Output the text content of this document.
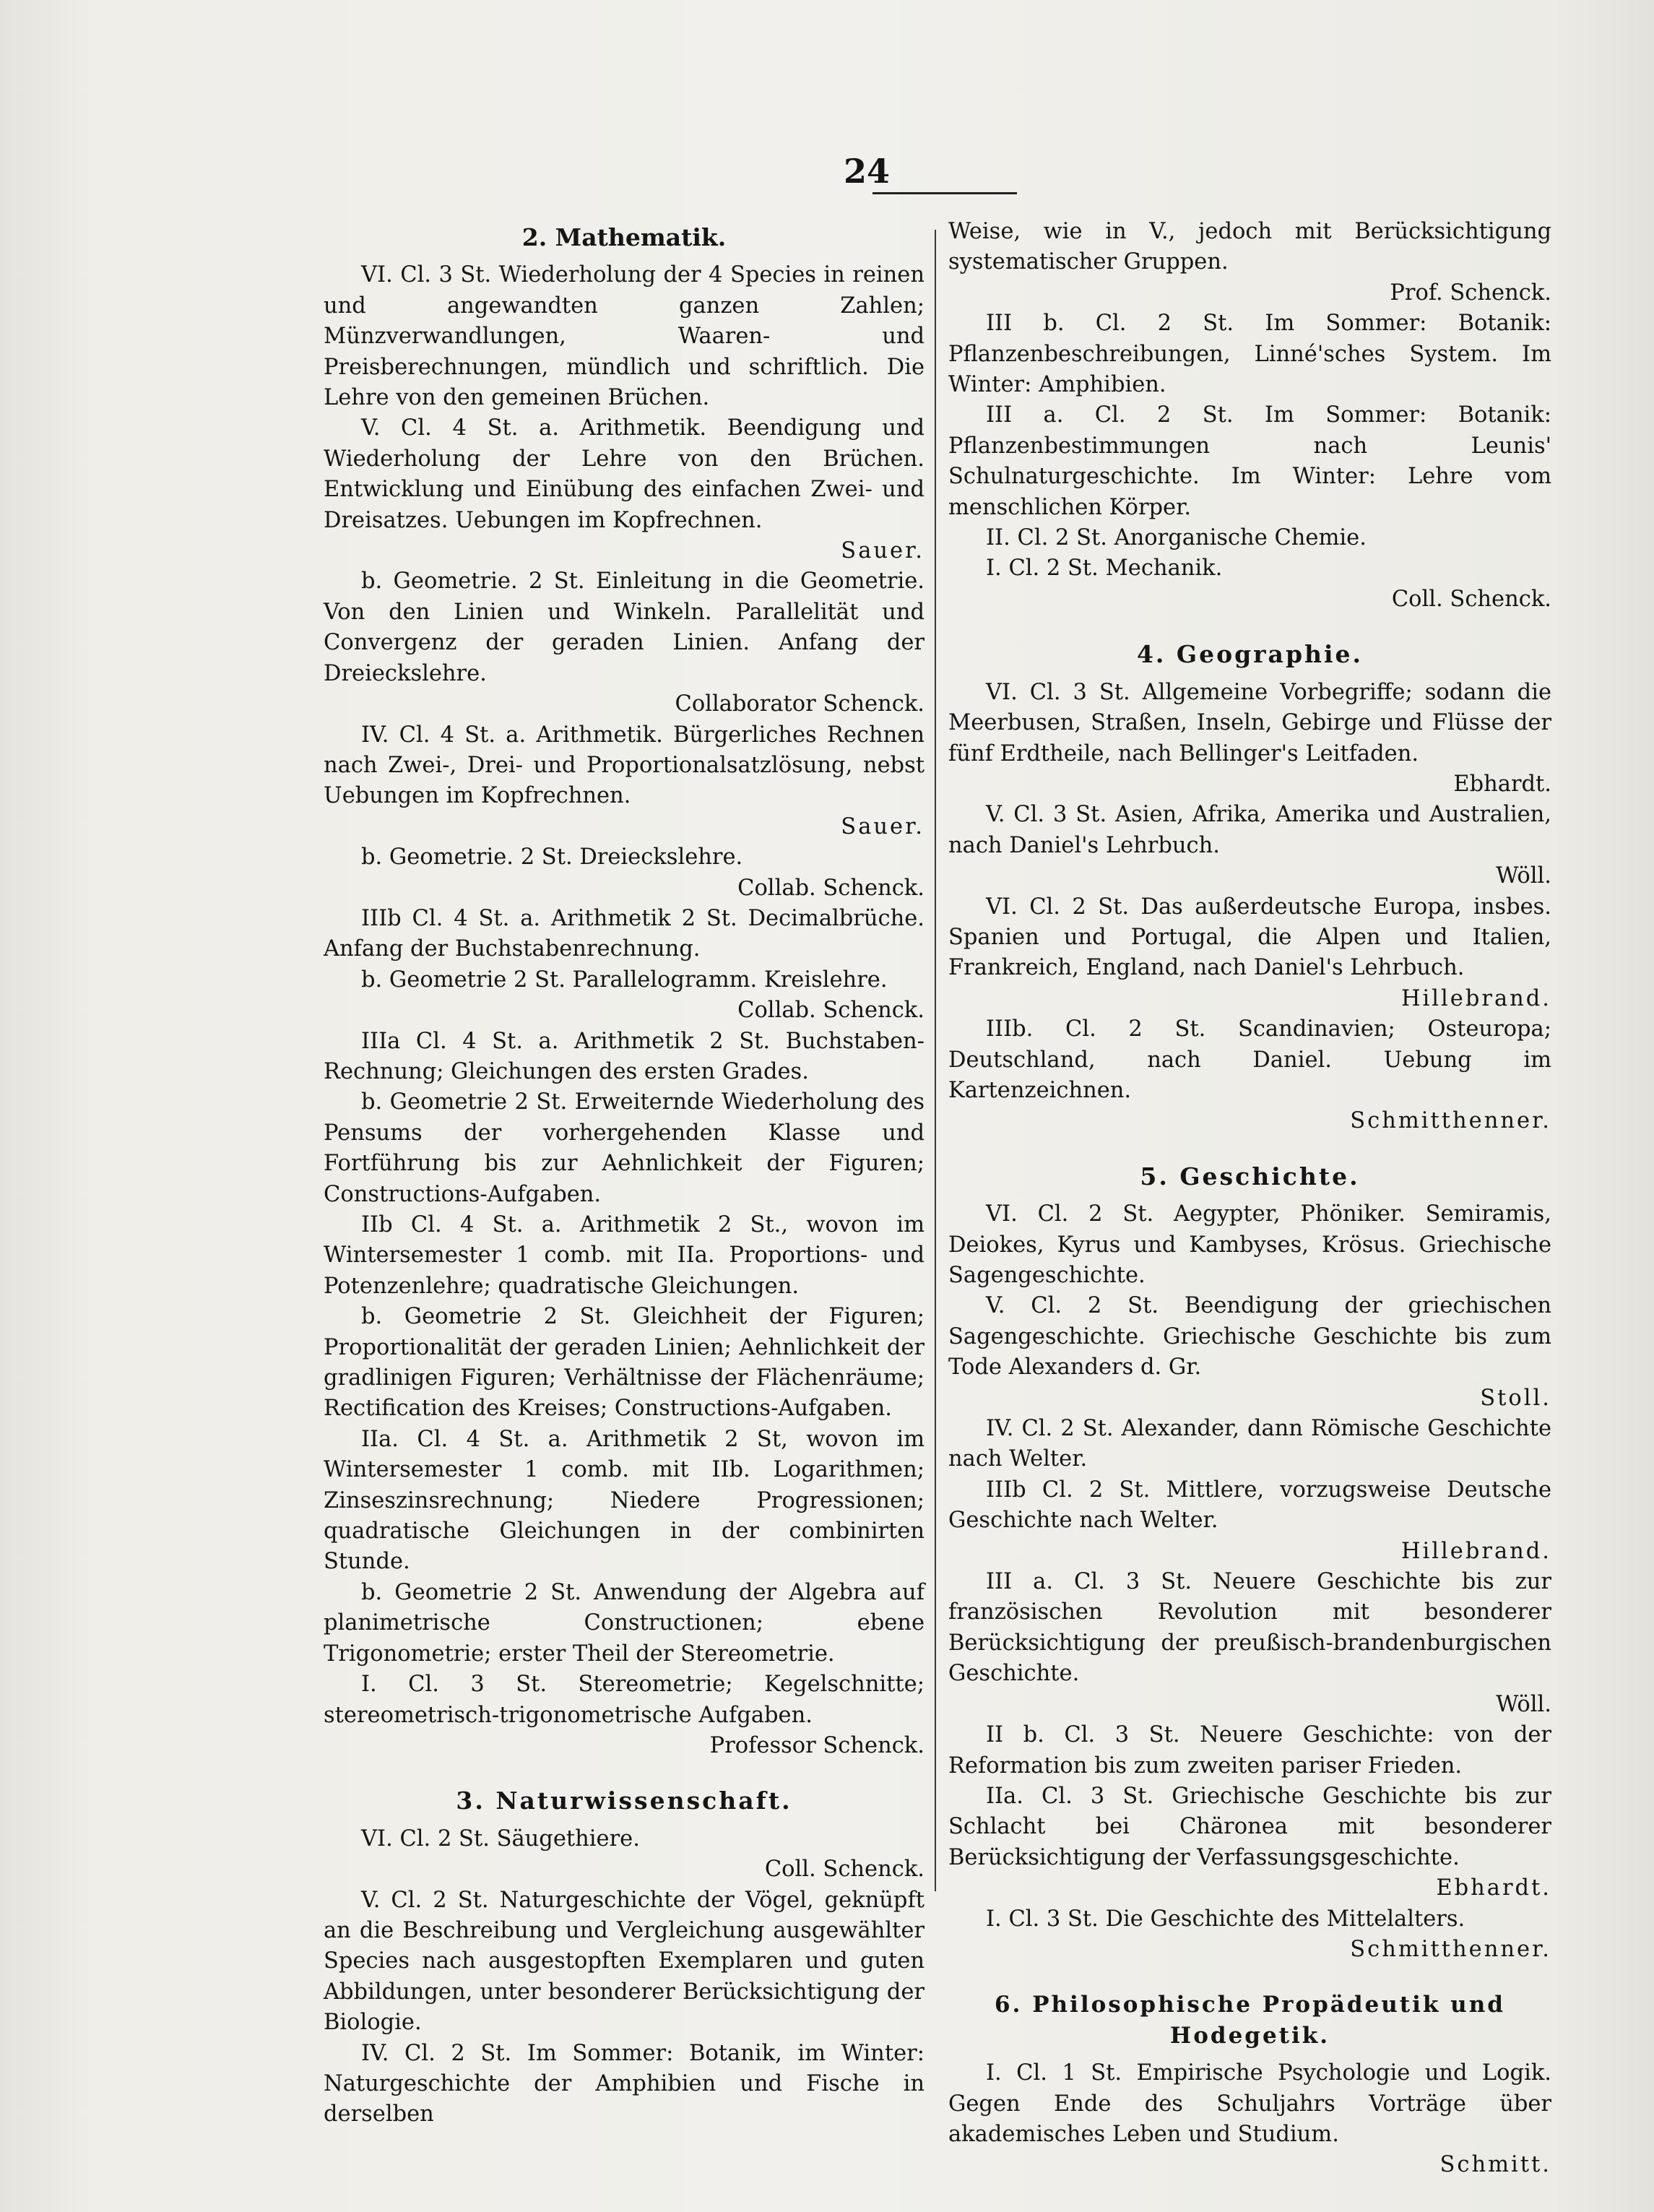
24
2. Mathematik.

VI. Cl. 3 St. Wiederholung der 4 Species in reinen und angewandten ganzen Zahlen; Münzverwandlungen, Waaren- und Preisberechnungen, mündlich und schriftlich. Die Lehre von den gemeinen Brüchen.

V. Cl. 4 St. a. Arithmetik. Beendigung und Wiederholung der Lehre von den Brüchen. Entwicklung und Einübung des einfachen Zwei- und Dreisatzes. Uebungen im Kopfrechnen.
Sauer.

b. Geometrie. 2 St. Einleitung in die Geometrie. Von den Linien und Winkeln. Parallelität und Convergenz der geraden Linien. Anfang der Dreieckslehre.
Collaborator Schenck.

IV. Cl. 4 St. a. Arithmetik. Bürgerliches Rechnen nach Zwei-, Drei- und Proportionalsatzlösung, nebst Uebungen im Kopfrechnen.
Sauer.

b. Geometrie. 2 St. Dreieckslehre.
Collab. Schenck.

IIIb Cl. 4 St. a. Arithmetik 2 St. Decimalbrüche. Anfang der Buchstabenrechnung.

b. Geometrie 2 St. Parallelogramm. Kreislehre.
Collab. Schenck.

IIIa Cl. 4 St. a. Arithmetik 2 St. Buchstaben-Rechnung; Gleichungen des ersten Grades.

b. Geometrie 2 St. Erweiternde Wiederholung des Pensums der vorhergehenden Klasse und Fortführung bis zur Aehnlichkeit der Figuren; Constructions-Aufgaben.

IIb Cl. 4 St. a. Arithmetik 2 St., wovon im Wintersemester 1 comb. mit IIa. Proportions- und Potenzenlehre; quadratische Gleichungen.

b. Geometrie 2 St. Gleichheit der Figuren; Proportionalität der geraden Linien; Aehnlichkeit der gradlinigen Figuren; Verhältnisse der Flächenräume; Rectification des Kreises; Constructions-Aufgaben.

IIa. Cl. 4 St. a. Arithmetik 2 St, wovon im Wintersemester 1 comb. mit IIb. Logarithmen; Zinseszinsrechnung; Niedere Progressionen; quadratische Gleichungen in der combinirten Stunde.

b. Geometrie 2 St. Anwendung der Algebra auf planimetrische Constructionen; ebene Trigonometrie; erster Theil der Stereometrie.

I. Cl. 3 St. Stereometrie; Kegelschnitte; stereometrisch-trigonometrische Aufgaben.
Professor Schenck.

3. Naturwissenschaft.

VI. Cl. 2 St. Säugethiere.
Coll. Schenck.

V. Cl. 2 St. Naturgeschichte der Vögel, geknüpft an die Beschreibung und Vergleichung ausgewählter Species nach ausgestopften Exemplaren und guten Abbildungen, unter besonderer Berücksichtigung der Biologie.

IV. Cl. 2 St. Im Sommer: Botanik, im Winter: Naturgeschichte der Amphibien und Fische in derselben

Weise, wie in V., jedoch mit Berücksichtigung systematischer Gruppen.
Prof. Schenck.

III b. Cl. 2 St. Im Sommer: Botanik: Pflanzenbeschreibungen, Linné'sches System. Im Winter: Amphibien.

III a. Cl. 2 St. Im Sommer: Botanik: Pflanzenbestimmungen nach Leunis' Schulnaturgeschichte. Im Winter: Lehre vom menschlichen Körper.

II. Cl. 2 St. Anorganische Chemie.

I. Cl. 2 St. Mechanik.
Coll. Schenck.

4. Geographie.

VI. Cl. 3 St. Allgemeine Vorbegriffe; sodann die Meerbusen, Straßen, Inseln, Gebirge und Flüsse der fünf Erdtheile, nach Bellinger's Leitfaden.
Ebhardt.

V. Cl. 3 St. Asien, Afrika, Amerika und Australien, nach Daniel's Lehrbuch.
Wöll.

VI. Cl. 2 St. Das außerdeutsche Europa, insbes. Spanien und Portugal, die Alpen und Italien, Frankreich, England, nach Daniel's Lehrbuch.
Hillebrand.

IIIb. Cl. 2 St. Scandinavien; Osteuropa; Deutschland, nach Daniel. Uebung im Kartenzeichnen.
Schmitthenner.

5. Geschichte.

VI. Cl. 2 St. Aegypter, Phöniker. Semiramis, Deiokes, Kyrus und Kambyses, Krösus. Griechische Sagengeschichte.

V. Cl. 2 St. Beendigung der griechischen Sagengeschichte. Griechische Geschichte bis zum Tode Alexanders d. Gr.
Stoll.

IV. Cl. 2 St. Alexander, dann Römische Geschichte nach Welter.

IIIb Cl. 2 St. Mittlere, vorzugsweise Deutsche Geschichte nach Welter.
Hillebrand.

III a. Cl. 3 St. Neuere Geschichte bis zur französischen Revolution mit besonderer Berücksichtigung der preußisch-brandenburgischen Geschichte.
Wöll.

II b. Cl. 3 St. Neuere Geschichte: von der Reformation bis zum zweiten pariser Frieden.

IIa. Cl. 3 St. Griechische Geschichte bis zur Schlacht bei Chäronea mit besonderer Berücksichtigung der Verfassungsgeschichte.
Ebhardt.

I. Cl. 3 St. Die Geschichte des Mittelalters.
Schmitthenner.

6. Philosophische Propädeutik und Hodegetik.

I. Cl. 1 St. Empirische Psychologie und Logik. Gegen Ende des Schuljahrs Vorträge über akademisches Leben und Studium.
Schmitt.
